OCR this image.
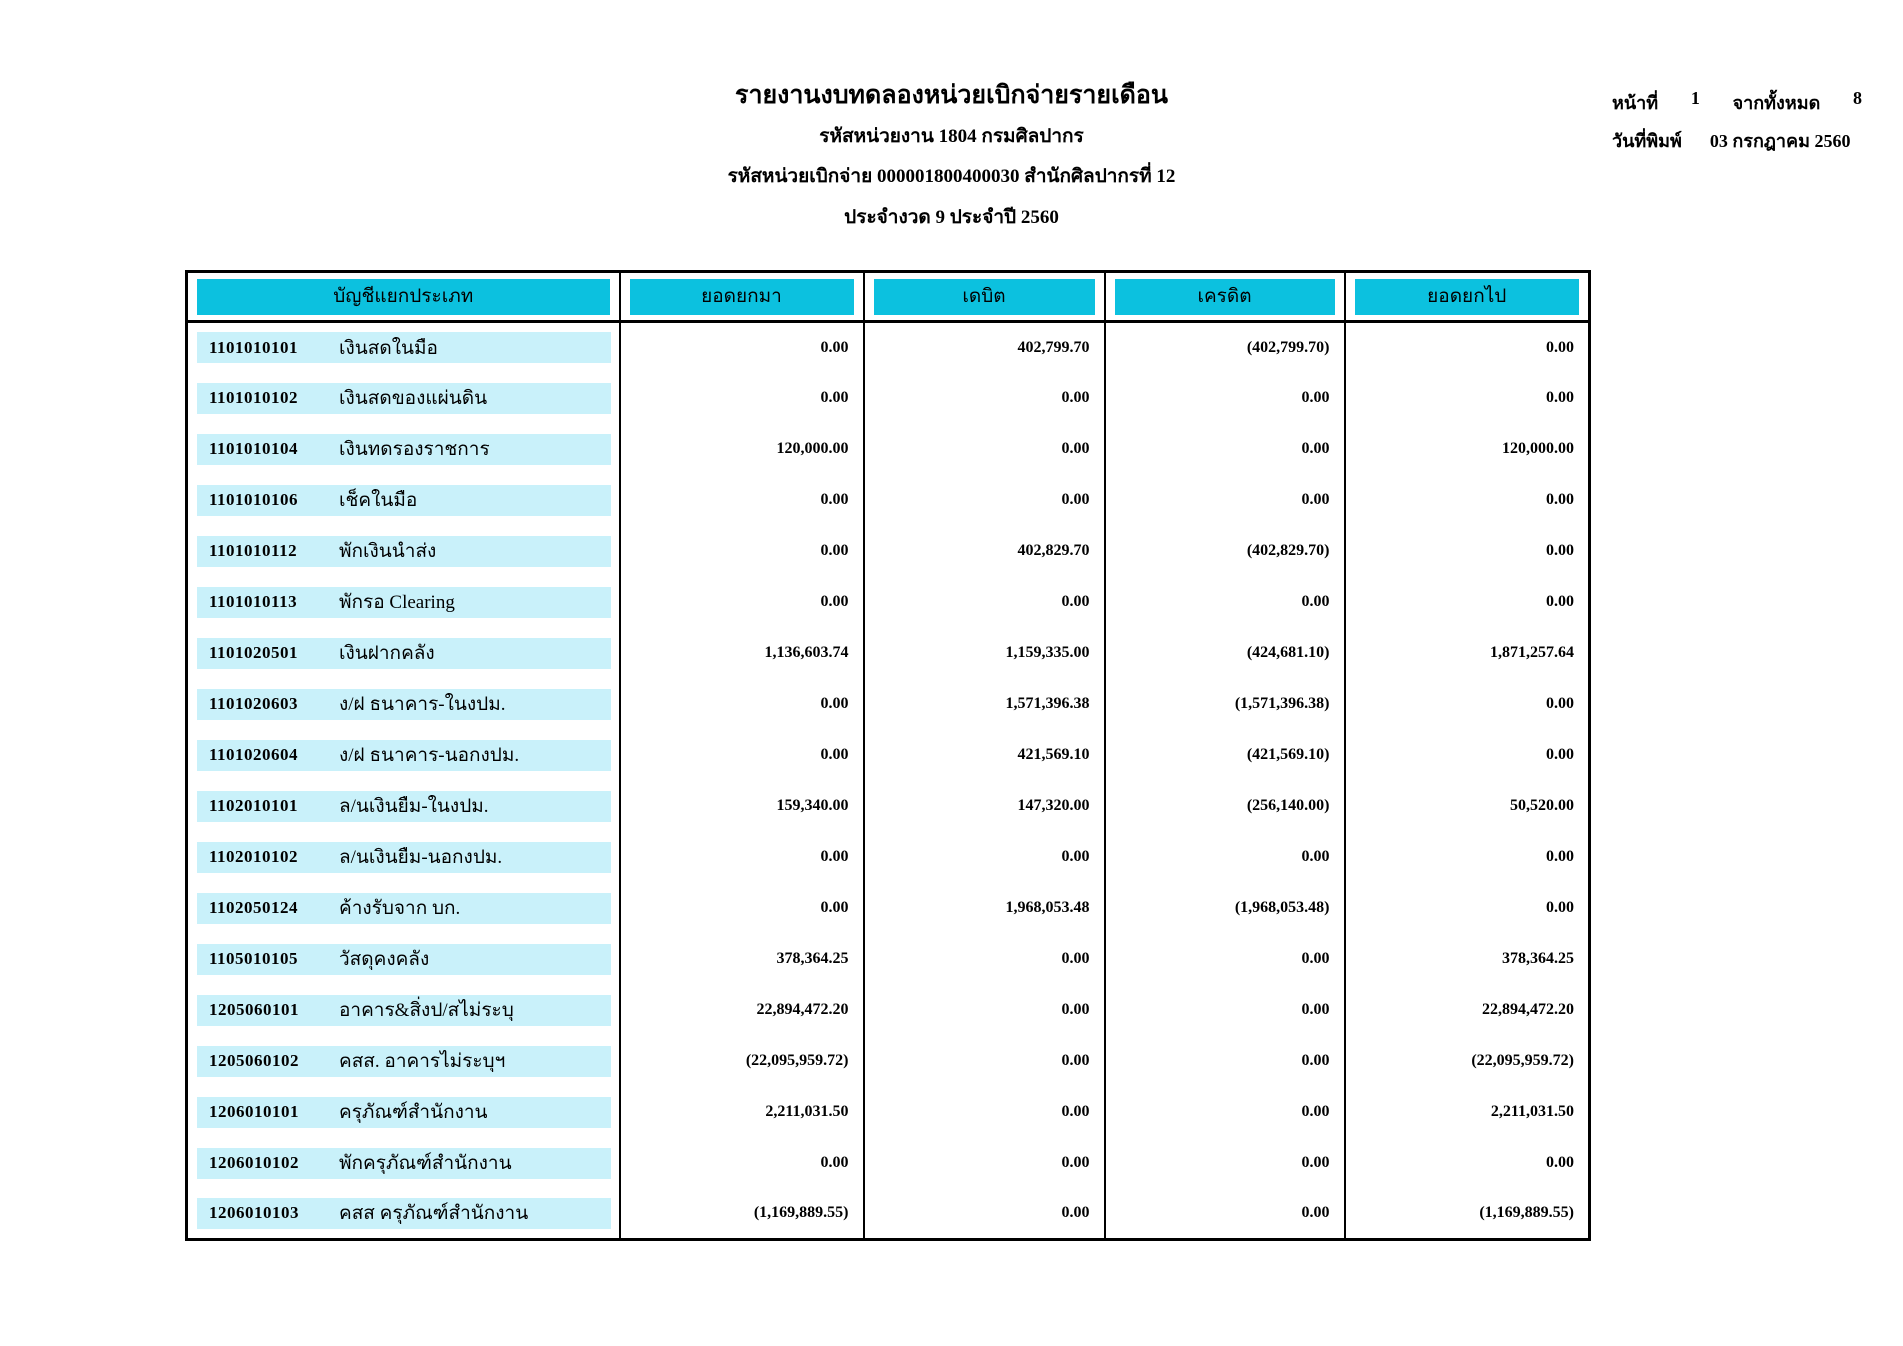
รายงานงบทดลองหน่วยเบิกจ่ายรายเดือน
รหัสหน่วยงาน 1804 กรมศิลปากร
รหัสหน่วยเบิกจ่าย 000001800400030 สำนักศิลปากรที่ 12
ประจำงวด 9 ประจำปี 2560
หน้าที่ 1 จากทั้งหมด 8
วันที่พิมพ์ 03 กรกฎาคม 2560
บัญชีแยกประเภท	ยอดยกมา	เดบิต	เครดิต	ยอดยกไป

1101010101 เงินสดในมือ	0.00	402,799.70	(402,799.70)	0.00

1101010102 เงินสดของแผ่นดิน	0.00	0.00	0.00	0.00

1101010104 เงินทดรองราชการ	120,000.00	0.00	0.00	120,000.00

1101010106 เช็คในมือ	0.00	0.00	0.00	0.00

1101010112 พักเงินนำส่ง	0.00	402,829.70	(402,829.70)	0.00

1101010113 พักรอ Clearing	0.00	0.00	0.00	0.00

1101020501 เงินฝากคลัง	1,136,603.74	1,159,335.00	(424,681.10)	1,871,257.64

1101020603 ง/ฝ ธนาคาร-ในงปม.	0.00	1,571,396.38	(1,571,396.38)	0.00

1101020604 ง/ฝ ธนาคาร-นอกงปม.	0.00	421,569.10	(421,569.10)	0.00

1102010101 ล/นเงินยืม-ในงปม.	159,340.00	147,320.00	(256,140.00)	50,520.00

1102010102 ล/นเงินยืม-นอกงปม.	0.00	0.00	0.00	0.00

1102050124 ค้างรับจาก บก.	0.00	1,968,053.48	(1,968,053.48)	0.00

1105010105 วัสดุคงคลัง	378,364.25	0.00	0.00	378,364.25

1205060101 อาคาร&สิ่งป/สไม่ระบุ	22,894,472.20	0.00	0.00	22,894,472.20

1205060102 คสส. อาคารไม่ระบุฯ	(22,095,959.72)	0.00	0.00	(22,095,959.72)

1206010101 ครุภัณฑ์สำนักงาน	2,211,031.50	0.00	0.00	2,211,031.50

1206010102 พักครุภัณฑ์สำนักงาน	0.00	0.00	0.00	0.00

1206010103 คสส ครุภัณฑ์สำนักงาน	(1,169,889.55)	0.00	0.00	(1,169,889.55)
